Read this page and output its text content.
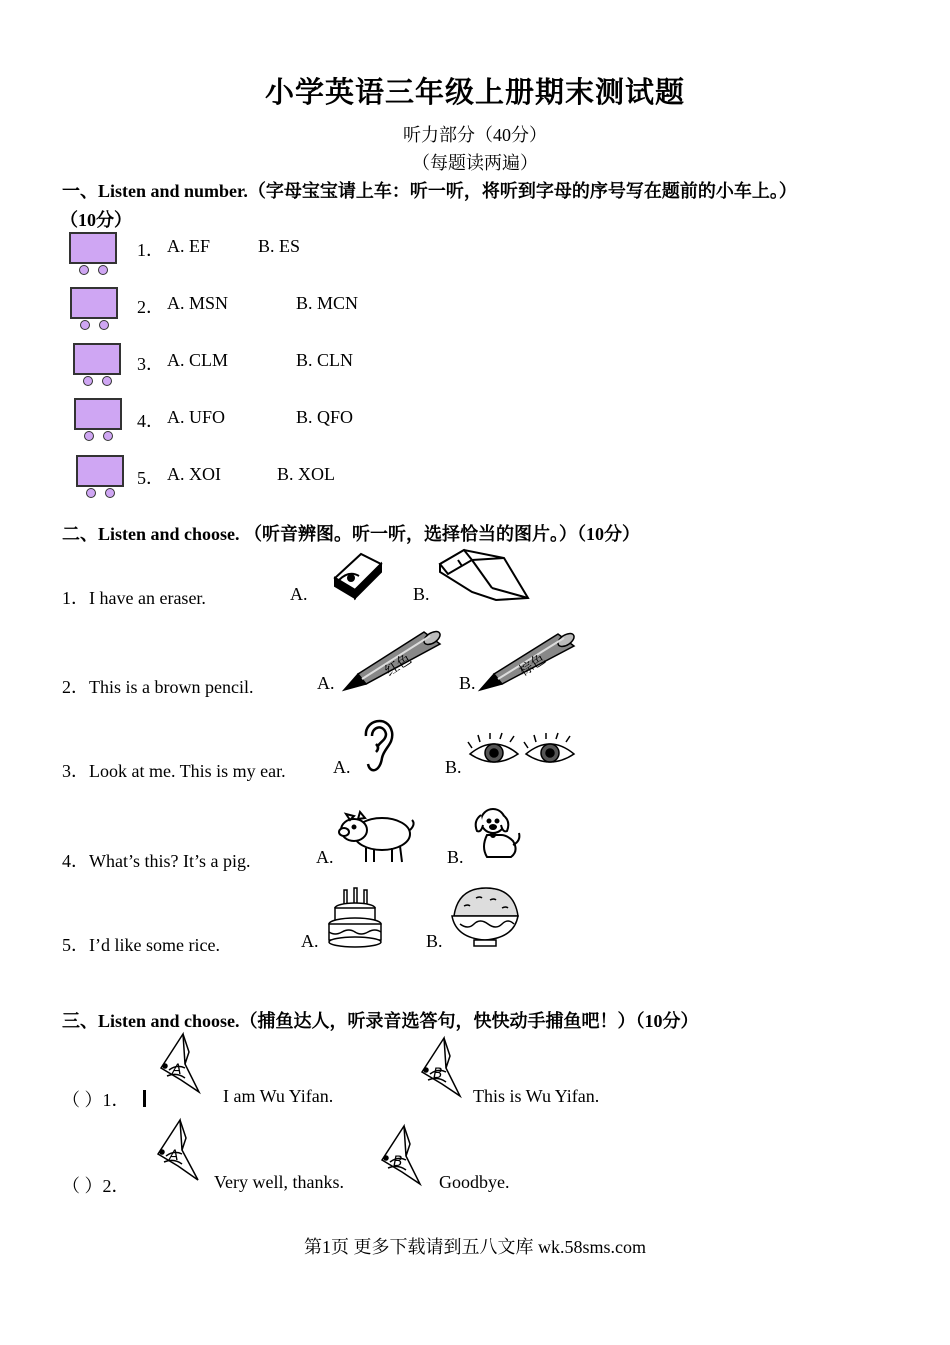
小学英语三年级上册期末测试题
听力部分（40分）
（每题读两遍）
一、Listen and number.（字母宝宝请上车：听一听，将听到字母的序号写在题前的小车上。）
（10分）
1． A. EF	B. ES
2． A. MSN	B. MCN
3． A. CLM	B. CLN
4． A. UFO	B. QFO
5． A. XOI	B. XOL
二、Listen and choose. （听音辨图。听一听，选择恰当的图片。）（10分）
1．I have an eraser.	A.	B.
2．This is a brown pencil.	A.
红色
B.
棕色
3．Look at me. This is my ear.	A.	B.
4．What’s this? It’s a pig.	A.	B.
5．I’d like some rice.	A.	B.
三、Listen and choose.（捕鱼达人，听录音选答句，快快动手捕鱼吧！）（10分）
（ ）1．
A
I am Wu Yifan.
B
This is Wu Yifan.
（ ）2．
A
Very well, thanks.
B
Goodbye.
第1页 更多下载请到五八文库 wk.58sms.com
